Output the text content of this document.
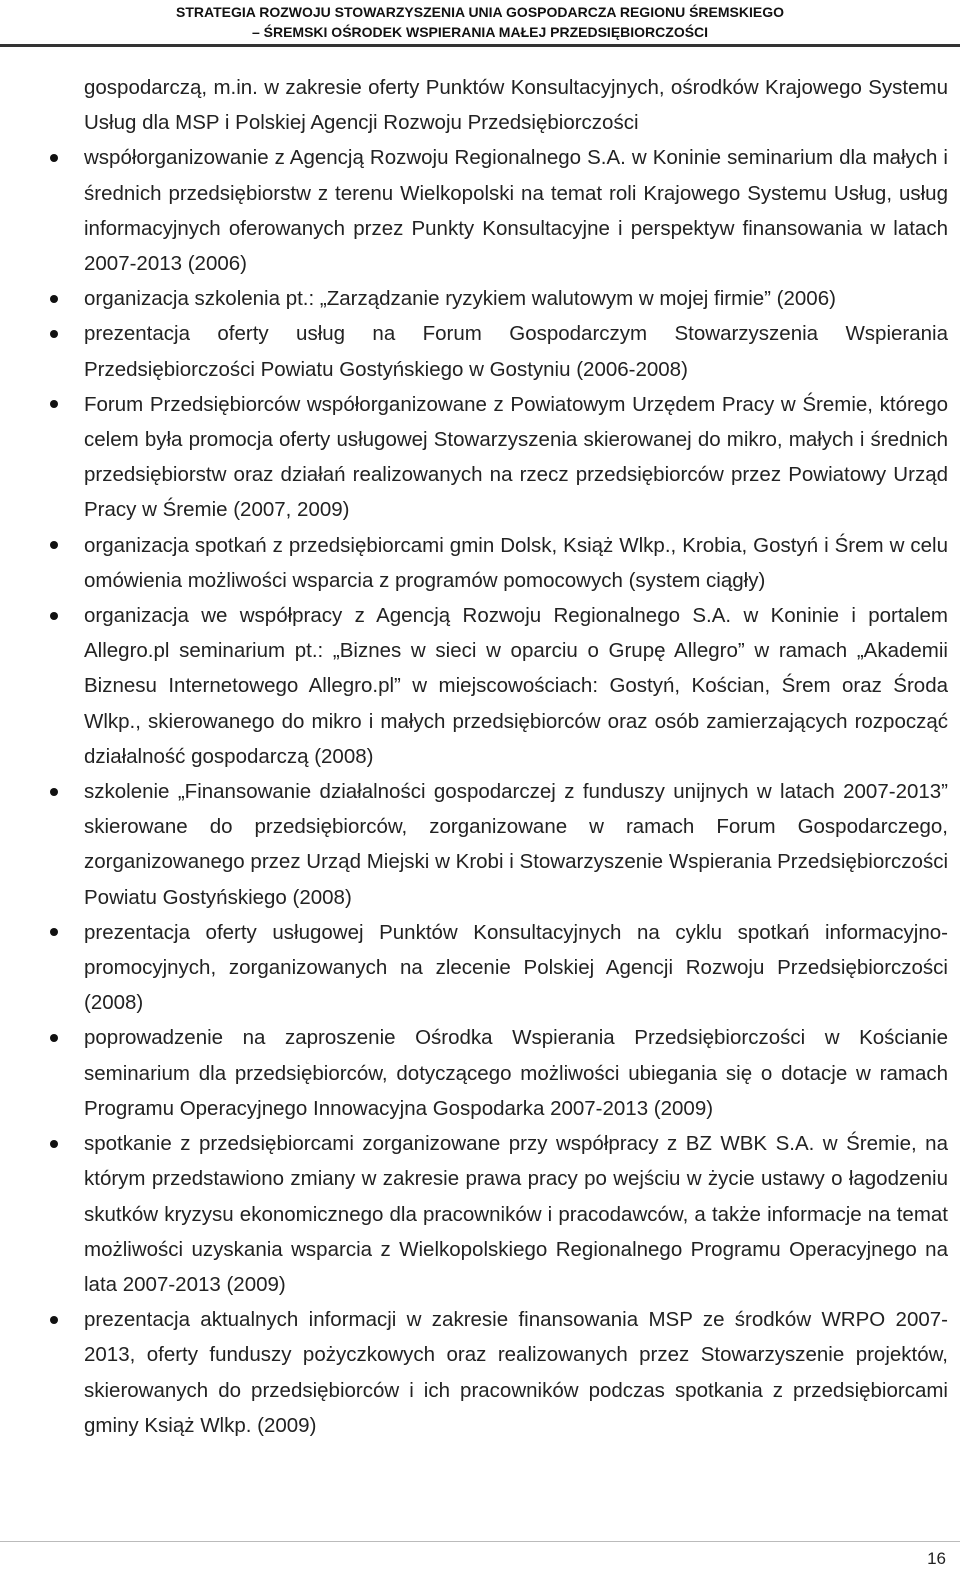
STRATEGIA ROZWOJU STOWARZYSZENIA UNIA GOSPODARCZA REGIONU ŚREMSKIEGO
– ŚREMSKI OŚRODEK WSPIERANIA MAŁEJ PRZEDSIĘBIORCZOŚCI

gospodarczą, m.in. w zakresie oferty Punktów Konsultacyjnych, ośrodków Krajowego Systemu Usług dla MSP i Polskiej Agencji Rozwoju Przedsiębiorczości

współorganizowanie z Agencją Rozwoju Regionalnego S.A. w Koninie seminarium dla małych i średnich przedsiębiorstw z terenu Wielkopolski na temat roli Krajowego Systemu Usług, usług informacyjnych oferowanych przez Punkty Konsultacyjne i perspektyw finansowania w latach 2007-2013 (2006)
organizacja szkolenia pt.: „Zarządzanie ryzykiem walutowym w mojej firmie” (2006)
prezentacja oferty usług na Forum Gospodarczym Stowarzyszenia Wspierania Przedsiębiorczości Powiatu Gostyńskiego w Gostyniu (2006-2008)
Forum Przedsiębiorców współorganizowane z Powiatowym Urzędem Pracy w Śremie, którego celem była promocja oferty usługowej Stowarzyszenia skierowanej do mikro, małych i średnich przedsiębiorstw oraz działań realizowanych na rzecz przedsiębiorców przez Powiatowy Urząd Pracy w Śremie (2007, 2009)
organizacja spotkań z przedsiębiorcami gmin Dolsk, Książ Wlkp., Krobia, Gostyń i Śrem w celu omówienia możliwości wsparcia z programów pomocowych (system ciągły)
organizacja we współpracy z Agencją Rozwoju Regionalnego S.A. w Koninie i portalem Allegro.pl seminarium pt.: „Biznes w sieci w oparciu o Grupę Allegro” w ramach „Akademii Biznesu Internetowego Allegro.pl” w miejscowościach: Gostyń, Kościan, Śrem oraz Środa Wlkp., skierowanego do mikro i małych przedsiębiorców oraz osób zamierzających rozpocząć działalność gospodarczą (2008)
szkolenie „Finansowanie działalności gospodarczej z funduszy unijnych w latach 2007-2013” skierowane do przedsiębiorców, zorganizowane w ramach Forum Gospodarczego, zorganizowanego przez Urząd Miejski w Krobi i Stowarzyszenie Wspierania Przedsiębiorczości Powiatu Gostyńskiego (2008)
prezentacja oferty usługowej Punktów Konsultacyjnych na cyklu spotkań informacyjno-promocyjnych, zorganizowanych na zlecenie Polskiej Agencji Rozwoju Przedsiębiorczości (2008)
poprowadzenie na zaproszenie Ośrodka Wspierania Przedsiębiorczości w Kościanie seminarium dla przedsiębiorców, dotyczącego możliwości ubiegania się o dotacje w ramach Programu Operacyjnego Innowacyjna Gospodarka 2007-2013 (2009)
spotkanie z przedsiębiorcami zorganizowane przy współpracy z BZ WBK S.A. w Śremie, na którym przedstawiono zmiany w zakresie prawa pracy po wejściu w życie ustawy o łagodzeniu skutków kryzysu ekonomicznego dla pracowników i pracodawców, a także informacje na temat możliwości uzyskania wsparcia z Wielkopolskiego Regionalnego Programu Operacyjnego na lata 2007-2013 (2009)
prezentacja aktualnych informacji w zakresie finansowania MSP ze środków WRPO 2007-2013, oferty funduszy pożyczkowych oraz realizowanych przez Stowarzyszenie projektów, skierowanych do przedsiębiorców i ich pracowników podczas spotkania z przedsiębiorcami gminy Książ Wlkp. (2009)
16
